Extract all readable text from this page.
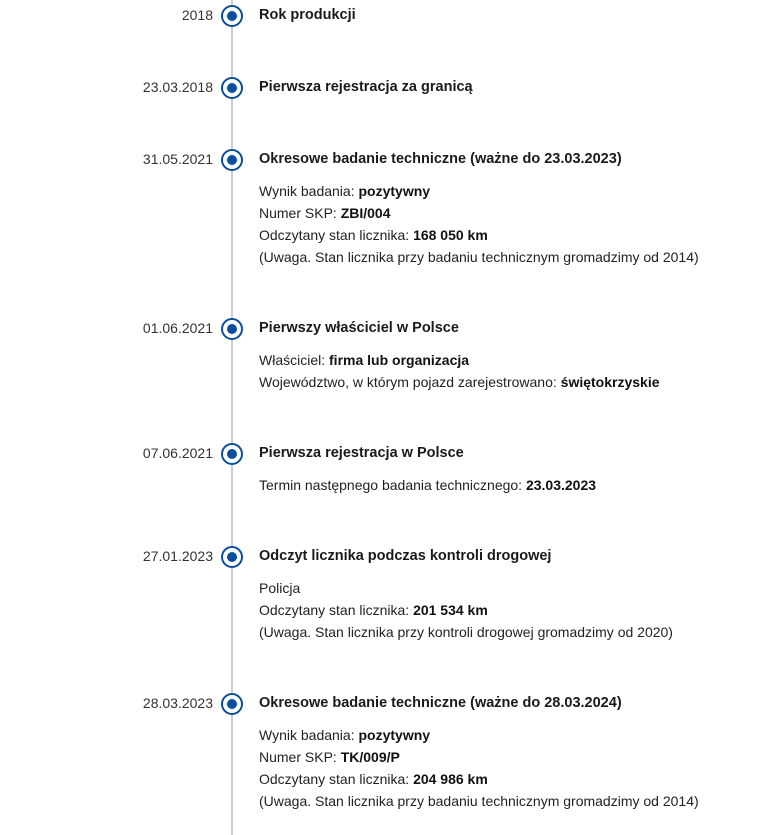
2018	Rok produkcji
23.03.2018	Pierwsza rejestracja za granicą
31.05.2021	Okresowe badanie techniczne (ważne do 23.03.2023)
Wynik badania: pozytywny
Numer SKP: ZBI/004
Odczytany stan licznika: 168 050 km
(Uwaga. Stan licznika przy badaniu technicznym gromadzimy od 2014)
01.06.2021	Pierwszy właściciel w Polsce
Właściciel: firma lub organizacja
Województwo, w którym pojazd zarejestrowano: świętokrzyskie
07.06.2021	Pierwsza rejestracja w Polsce
Termin następnego badania technicznego: 23.03.2023
27.01.2023	Odczyt licznika podczas kontroli drogowej
Policja
Odczytany stan licznika: 201 534 km
(Uwaga. Stan licznika przy kontroli drogowej gromadzimy od 2020)
28.03.2023	Okresowe badanie techniczne (ważne do 28.03.2024)
Wynik badania: pozytywny
Numer SKP: TK/009/P
Odczytany stan licznika: 204 986 km
(Uwaga. Stan licznika przy badaniu technicznym gromadzimy od 2014)
